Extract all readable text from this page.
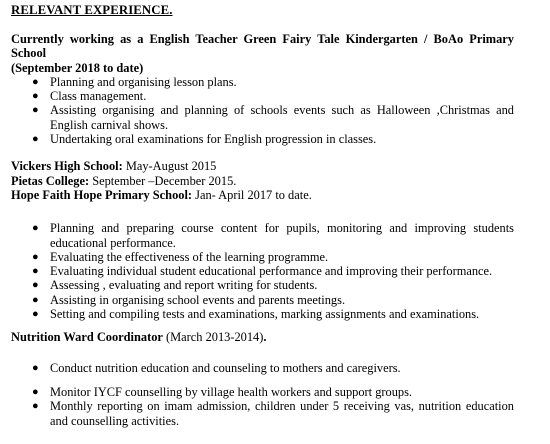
RELEVANT EXPERIENCE.
Currently working as a English Teacher Green Fairy Tale Kindergarten / BoAo Primary School
(September 2018 to date)
● Planning and organising lesson plans.
● Class management.
● Assisting organising and planning of schools events such as Halloween ,Christmas and English carnival shows.
● Undertaking oral examinations for English progression in classes.
Vickers High School: May-August 2015
Pietas College: September –December 2015.
Hope Faith Hope Primary School: Jan- April 2017 to date.
● Planning and preparing course content for pupils, monitoring and improving students educational performance.
● Evaluating the effectiveness of the learning programme.
● Evaluating individual student educational performance and improving their performance.
● Assessing , evaluating and report writing for students.
● Assisting in organising school events and parents meetings.
● Setting and compiling tests and examinations, marking assignments and examinations.
Nutrition Ward Coordinator (March 2013-2014).
● Conduct nutrition education and counseling to mothers and caregivers.
● Monitor IYCF counselling by village health workers and support groups.
● Monthly reporting on imam admission, children under 5 receiving vas, nutrition education and counselling activities.
